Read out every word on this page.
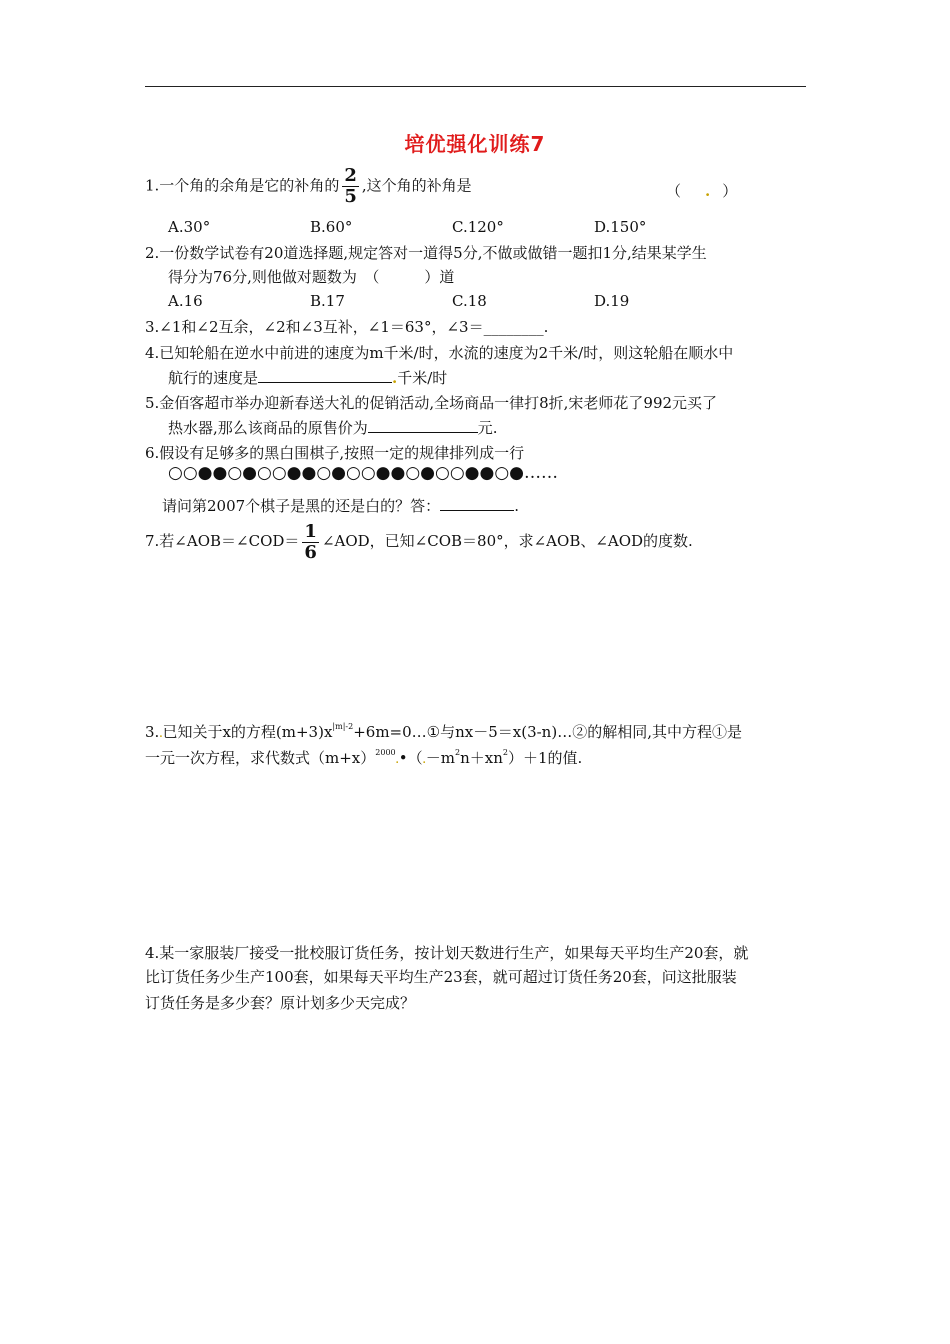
培优强化训练7
1.一个角的余角是它的补角的 $\frac{2}{5}$ ,这个角的补角是	（ . ）
A.30°	B.60°	C.120°	D.150°
2.一份数学试卷有20道选择题,规定答对一道得5分,不做或做错一题扣1分,结果某学生
得分为76分,则他做对题数为　（　　　）道
A.16	B.17	C.18	D.19
3.∠1和∠2互余，∠2和∠3互补，∠1＝63°，∠3＝________.
4.已知轮船在逆水中前进的速度为m千米/时，水流的速度为2千米/时，则这轮船在顺水中
航行的速度是	.千米/时
5.金佰客超市举办迎新春送大礼的促销活动,全场商品一律打8折,宋老师花了992元买了
热水器,那么该商品的原售价为	元.
6.假设有足够多的黑白围棋子,按照一定的规律排列成一行
○○●●○●○○●●○●○○●●○●○○●●○●……
请问第2007个棋子是黑的还是白的？答：	.
7.若∠AOB＝∠COD＝ $\frac{1}{6}$ ∠AOD，已知∠COB＝80°，求∠AOB、∠AOD的度数.
3..已知关于x的方程$(m+3)x^{|m|-2}+6m=0\dots ①$与nx－5＝x(3-n)…②的解相同,其中方程①是
一元一次方程，求代数式$(m+x)^{2000}.•(.-m^2n+xn^2)+1$的值.
4.某一家服装厂接受一批校服订货任务，按计划天数进行生产，如果每天平均生产20套，就
比订货任务少生产100套，如果每天平均生产23套，就可超过订货任务20套，问这批服装
订货任务是多少套？原计划多少天完成？
